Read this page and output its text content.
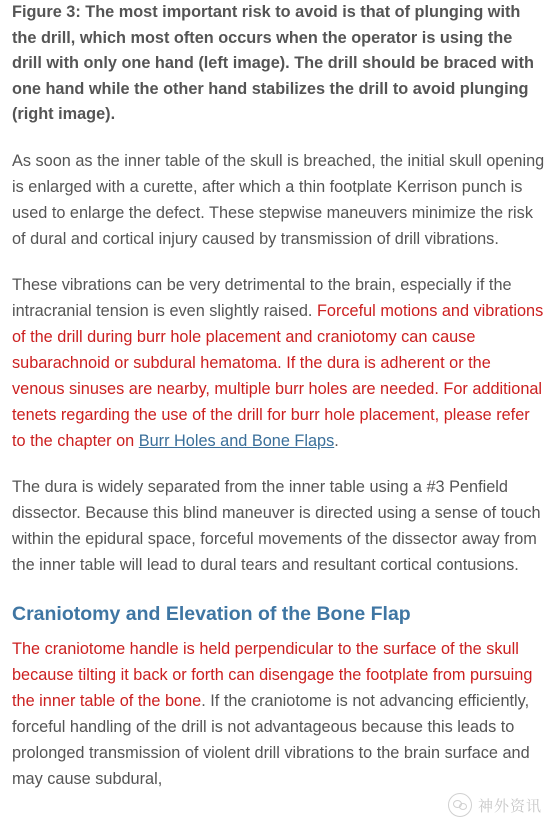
Figure 3: The most important risk to avoid is that of plunging with the drill, which most often occurs when the operator is using the drill with only one hand (left image). The drill should be braced with one hand while the other hand stabilizes the drill to avoid plunging (right image).

As soon as the inner table of the skull is breached, the initial skull opening is enlarged with a curette, after which a thin footplate Kerrison punch is used to enlarge the defect. These stepwise maneuvers minimize the risk of dural and cortical injury caused by transmission of drill vibrations.

These vibrations can be very detrimental to the brain, especially if the intracranial tension is even slightly raised. Forceful motions and vibrations of the drill during burr hole placement and craniotomy can cause subarachnoid or subdural hematoma. If the dura is adherent or the venous sinuses are nearby, multiple burr holes are needed. For additional tenets regarding the use of the drill for burr hole placement, please refer to the chapter on Burr Holes and Bone Flaps.

The dura is widely separated from the inner table using a #3 Penfield dissector. Because this blind maneuver is directed using a sense of touch within the epidural space, forceful movements of the dissector away from the inner table will lead to dural tears and resultant cortical contusions.

Craniotomy and Elevation of the Bone Flap

The craniotome handle is held perpendicular to the surface of the skull because tilting it back or forth can disengage the footplate from pursuing the inner table of the bone. If the craniotome is not advancing efficiently, forceful handling of the drill is not advantageous because this leads to prolonged transmission of violent drill vibrations to the brain surface and may cause subdural,

神外资讯
